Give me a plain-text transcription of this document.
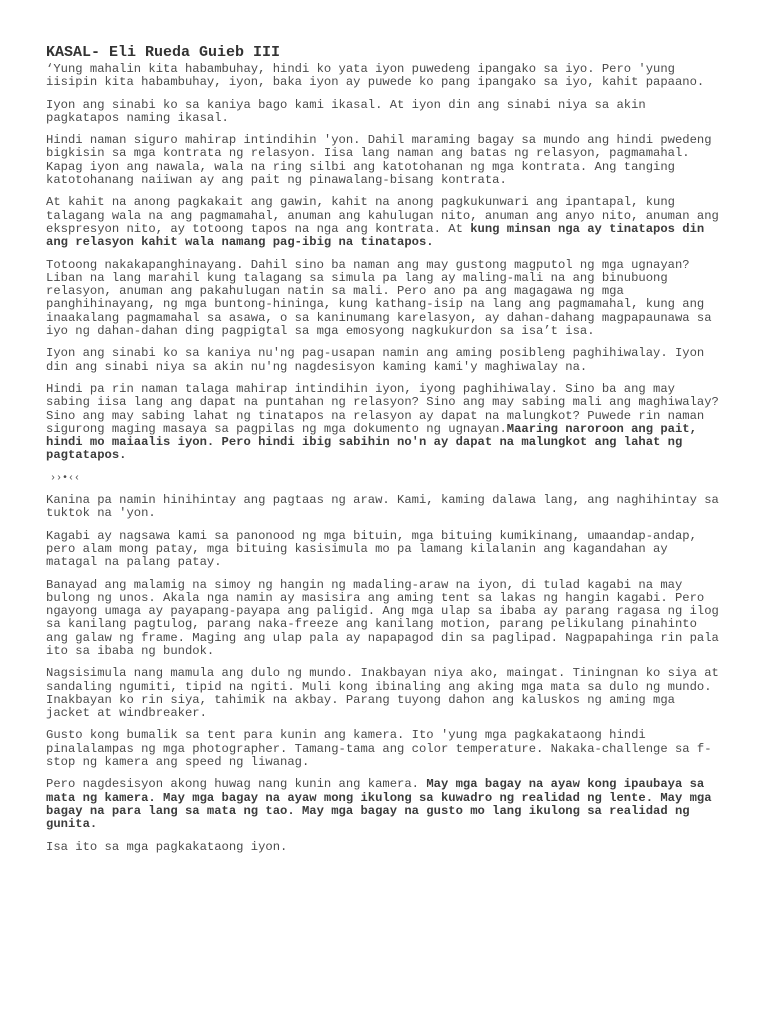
KASAL- Eli Rueda Guieb III
‘Yung mahalin kita habambuhay, hindi ko yata iyon puwedeng ipangako sa iyo. Pero 'yung iisipin kita habambuhay, iyon, baka iyon ay puwede ko pang ipangako sa iyo, kahit papaano.
Iyon ang sinabi ko sa kaniya bago kami ikasal. At iyon din ang sinabi niya sa akin pagkatapos naming ikasal.
Hindi naman siguro mahirap intindihin 'yon. Dahil maraming bagay sa mundo ang hindi pwedeng bigkisin sa mga kontrata ng relasyon. Iisa lang naman ang batas ng relasyon, pagmamahal. Kapag iyon ang nawala, wala na ring silbi ang katotohanan ng mga kontrata. Ang tanging katotohanang naiiwan ay ang pait ng pinawalang-bisang kontrata.
At kahit na anong pagkakait ang gawin, kahit na anong pagkukunwari ang ipantapal, kung talagang wala na ang pagmamahal, anuman ang kahulugan nito, anuman ang anyo nito, anuman ang ekspresyon nito, ay totoong tapos na nga ang kontrata. At kung minsan nga ay tinatapos din ang relasyon kahit wala namang pag-ibig na tinatapos.
Totoong nakakapanghinayang. Dahil sino ba naman ang may gustong magputol ng mga ugnayan? Liban na lang marahil kung talagang sa simula pa lang ay maling-mali na ang binubuong relasyon, anuman ang pakahulugan natin sa mali. Pero ano pa ang magagawa ng mga panghihinayang, ng mga buntong-hininga, kung kathang-isip na lang ang pagmamahal, kung ang inaakalang pagmamahal sa asawa, o sa kaninumang karelasyon, ay dahan-dahang magpapaunawa sa iyo ng dahan-dahan ding pagpigtal sa mga emosyong nagkukurdon sa isa’t isa.
Iyon ang sinabi ko sa kaniya nu'ng pag-usapan namin ang aming posibleng paghihiwalay. Iyon din ang sinabi niya sa akin nu'ng nagdesisyon kaming kami'y maghiwalay na.
Hindi pa rin naman talaga mahirap intindihin iyon, iyong paghihiwalay. Sino ba ang may sabing iisa lang ang dapat na puntahan ng relasyon? Sino ang may sabing mali ang maghiwalay? Sino ang may sabing lahat ng tinatapos na relasyon ay dapat na malungkot? Puwede rin naman sigurong maging masaya sa pagpilas ng mga dokumento ng ugnayan.Maaring naroroon ang pait, hindi mo maiaalis iyon. Pero hindi ibig sabihin no'n ay dapat na malungkot ang lahat ng pagtatapos.
››•‹‹
Kanina pa namin hinihintay ang pagtaas ng araw. Kami, kaming dalawa lang, ang naghihintay sa tuktok na 'yon.
Kagabi ay nagsawa kami sa panonood ng mga bituin, mga bituing kumikinang, umaandap-andap, pero alam mong patay, mga bituing kasisimula mo pa lamang kilalanin ang kagandahan ay matagal na palang patay.
Banayad ang malamig na simoy ng hangin ng madaling-araw na iyon, di tulad kagabi na may bulong ng unos. Akala nga namin ay masisira ang aming tent sa lakas ng hangin kagabi. Pero ngayong umaga ay payapang-payapa ang paligid. Ang mga ulap sa ibaba ay parang ragasa ng ilog sa kanilang pagtulog, parang naka-freeze ang kanilang motion, parang pelikulang pinahinto ang galaw ng frame. Maging ang ulap pala ay napapagod din sa paglipad. Nagpapahinga rin pala ito sa ibaba ng bundok.
Nagsisimula nang mamula ang dulo ng mundo. Inakbayan niya ako, maingat. Tiningnan ko siya at sandaling ngumiti, tipid na ngiti. Muli kong ibinaling ang aking mga mata sa dulo ng mundo. Inakbayan ko rin siya, tahimik na akbay. Parang tuyong dahon ang kaluskos ng aming mga jacket at windbreaker.
Gusto kong bumalik sa tent para kunin ang kamera. Ito 'yung mga pagkakataong hindi pinalalampas ng mga photographer. Tamang-tama ang color temperature. Nakaka-challenge sa f-stop ng kamera ang speed ng liwanag.
Pero nagdesisyon akong huwag nang kunin ang kamera. May mga bagay na ayaw kong ipaubaya sa mata ng kamera. May mga bagay na ayaw mong ikulong sa kuwadro ng realidad ng lente. May mga bagay na para lang sa mata ng tao. May mga bagay na gusto mo lang ikulong sa realidad ng gunita.
Isa ito sa mga pagkakataong iyon.
